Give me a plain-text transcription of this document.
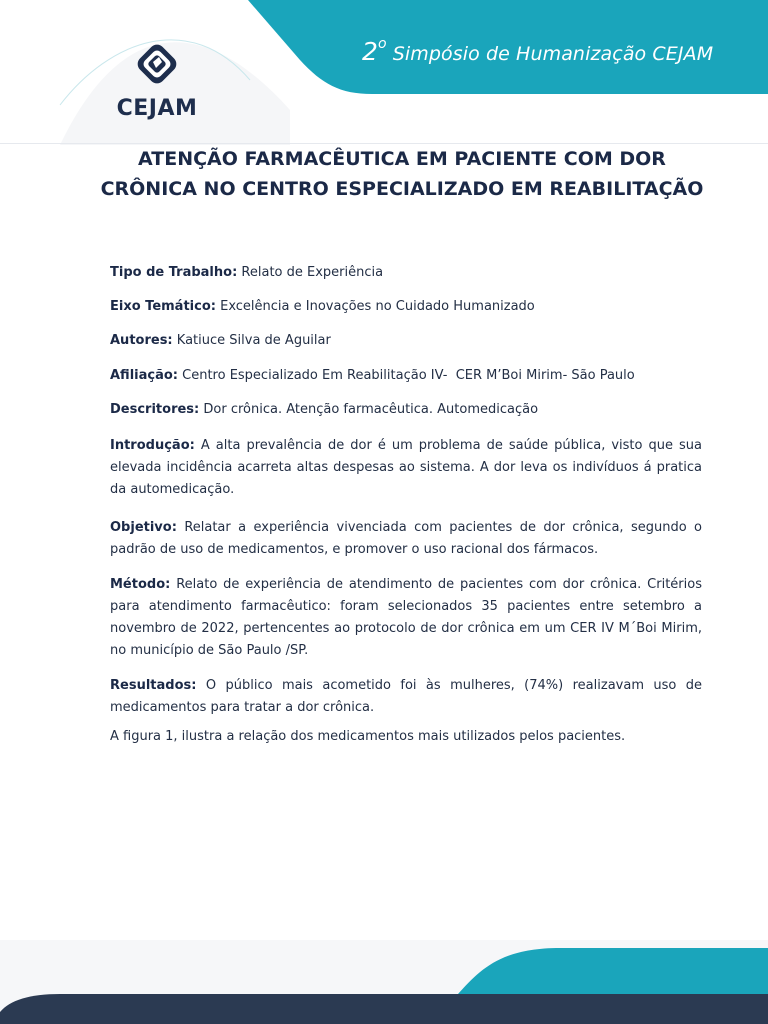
CEJAM
2$^o$ Simpósio de Humanização CEJAM
ATENÇÃO FARMACÊUTICA EM PACIENTE COM DOR CRÔNICA NO CENTRO ESPECIALIZADO EM REABILITAÇÃO
Tipo de Trabalho: Relato de Experiência
Eixo Temático: Excelência e Inovações no Cuidado Humanizado
Autores: Katiuce Silva de Aguilar
Afiliação: Centro Especializado Em Reabilitação IV-  CER M’Boi Mirim- São Paulo
Descritores: Dor crônica. Atenção farmacêutica. Automedicação

Introdução: A alta prevalência de dor é um problema de saúde pública, visto que sua elevada incidência acarreta altas despesas ao sistema. A dor leva os indivíduos á pratica da automedicação.

Objetivo: Relatar a experiência vivenciada com pacientes de dor crônica, segundo o padrão de uso de medicamentos, e promover o uso racional dos fármacos.

Método: Relato de experiência de atendimento de pacientes com dor crônica. Critérios para atendimento farmacêutico: foram selecionados 35 pacientes entre setembro a novembro de 2022, pertencentes ao protocolo de dor crônica em um CER IV M´Boi Mirim, no município de São Paulo /SP.

Resultados: O público mais acometido foi às mulheres, (74%) realizavam uso de medicamentos para tratar a dor crônica.

A figura 1, ilustra a relação dos medicamentos mais utilizados pelos pacientes.
